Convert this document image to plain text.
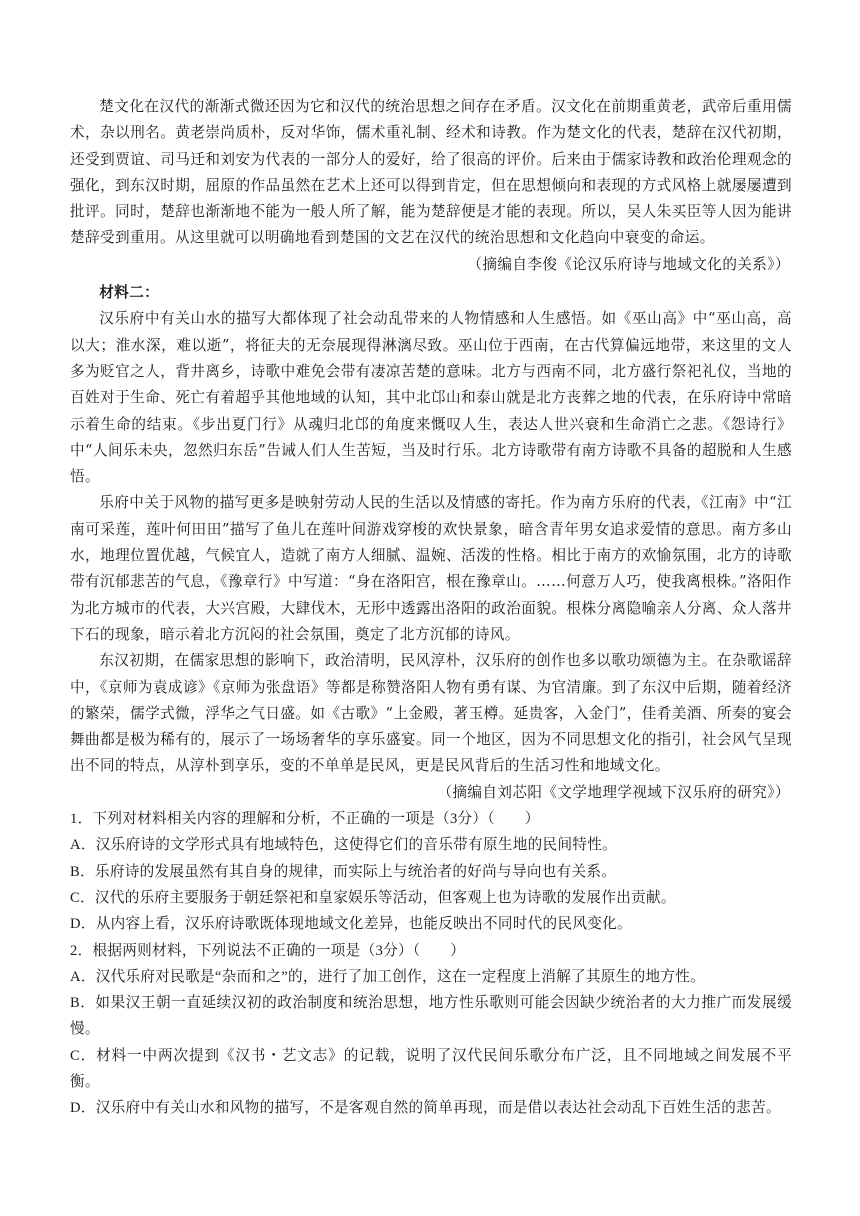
楚文化在汉代的渐渐式微还因为它和汉代的统治思想之间存在矛盾。汉文化在前期重黄老，武帝后重用儒术，杂以刑名。黄老崇尚质朴，反对华饰，儒术重礼制、经术和诗教。作为楚文化的代表，楚辞在汉代初期，还受到贾谊、司马迁和刘安为代表的一部分人的爱好，给了很高的评价。后来由于儒家诗教和政治伦理观念的强化，到东汉时期，屈原的作品虽然在艺术上还可以得到肯定，但在思想倾向和表现的方式风格上就屡屡遭到批评。同时，楚辞也渐渐地不能为一般人所了解，能为楚辞便是才能的表现。所以，吴人朱买臣等人因为能讲楚辞受到重用。从这里就可以明确地看到楚国的文艺在汉代的统治思想和文化趋向中衰变的命运。

（摘编自李俊《论汉乐府诗与地域文化的关系》）

材料二：

汉乐府中有关山水的描写大都体现了社会动乱带来的人物情感和人生感悟。如《巫山高》中“巫山高，高以大；淮水深，难以逝”，将征夫的无奈展现得淋漓尽致。巫山位于西南，在古代算偏远地带，来这里的文人多为贬官之人，背井离乡，诗歌中难免会带有凄凉苦楚的意味。北方与西南不同，北方盛行祭祀礼仪，当地的百姓对于生命、死亡有着超乎其他地域的认知，其中北邙山和泰山就是北方丧葬之地的代表，在乐府诗中常暗示着生命的结束。《步出夏门行》从魂归北邙的角度来慨叹人生，表达人世兴衰和生命消亡之悲。《怨诗行》中“人间乐未央，忽然归东岳”告诫人们人生苦短，当及时行乐。北方诗歌带有南方诗歌不具备的超脱和人生感悟。

乐府中关于风物的描写更多是映射劳动人民的生活以及情感的寄托。作为南方乐府的代表，《江南》中“江南可采莲，莲叶何田田”描写了鱼儿在莲叶间游戏穿梭的欢快景象，暗含青年男女追求爱情的意思。南方多山水，地理位置优越，气候宜人，造就了南方人细腻、温婉、活泼的性格。相比于南方的欢愉氛围，北方的诗歌带有沉郁悲苦的气息，《豫章行》中写道：“身在洛阳宫，根在豫章山。……何意万人巧，使我离根株。”洛阳作为北方城市的代表，大兴宫殿，大肆伐木，无形中透露出洛阳的政治面貌。根株分离隐喻亲人分离、众人落井下石的现象，暗示着北方沉闷的社会氛围，奠定了北方沉郁的诗风。

东汉初期，在儒家思想的影响下，政治清明，民风淳朴，汉乐府的创作也多以歌功颂德为主。在杂歌谣辞中，《京师为袁成谚》《京师为张盘语》等都是称赞洛阳人物有勇有谋、为官清廉。到了东汉中后期，随着经济的繁荣，儒学式微，浮华之气日盛。如《古歌》“上金殿，著玉樽。延贵客，入金门”，佳肴美酒、所奏的宴会舞曲都是极为稀有的，展示了一场场奢华的享乐盛宴。同一个地区，因为不同思想文化的指引，社会风气呈现出不同的特点，从淳朴到享乐，变的不单单是民风，更是民风背后的生活习性和地域文化。

（摘编自刘芯阳《文学地理学视域下汉乐府的研究》）

1．下列对材料相关内容的理解和分析，不正确的一项是（3分）（　　）

A．汉乐府诗的文学形式具有地域特色，这使得它们的音乐带有原生地的民间特性。

B．乐府诗的发展虽然有其自身的规律，而实际上与统治者的好尚与导向也有关系。

C．汉代的乐府主要服务于朝廷祭祀和皇家娱乐等活动，但客观上也为诗歌的发展作出贡献。

D．从内容上看，汉乐府诗歌既体现地域文化差异，也能反映出不同时代的民风变化。

2．根据两则材料，下列说法不正确的一项是（3分）（　　）

A．汉代乐府对民歌是“杂而和之”的，进行了加工创作，这在一定程度上消解了其原生的地方性。

B．如果汉王朝一直延续汉初的政治制度和统治思想，地方性乐歌则可能会因缺少统治者的大力推广而发展缓慢。

C．材料一中两次提到《汉书・艺文志》的记载，说明了汉代民间乐歌分布广泛，且不同地域之间发展不平衡。

D．汉乐府中有关山水和风物的描写，不是客观自然的简单再现，而是借以表达社会动乱下百姓生活的悲苦。
